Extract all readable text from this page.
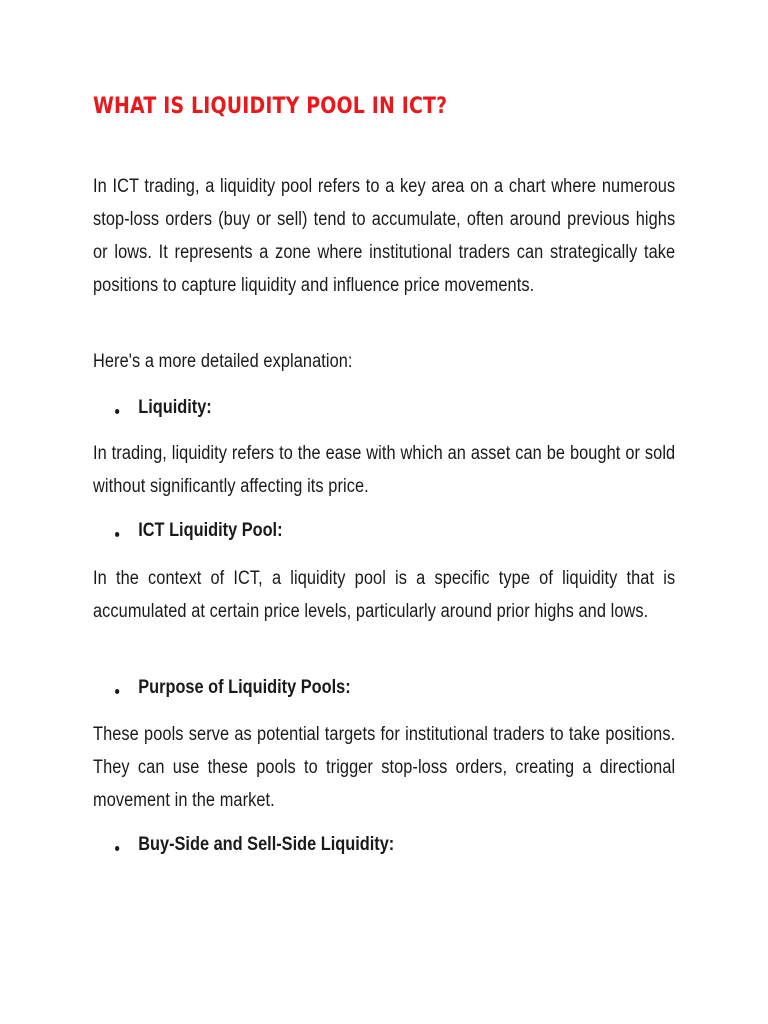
WHAT IS LIQUIDITY POOL IN ICT?

In ICT trading, a liquidity pool refers to a key area on a chart where numerous stop-loss orders (buy or sell) tend to accumulate, often around previous highs or lows. It represents a zone where institutional traders can strategically take positions to capture liquidity and influence price movements.

Here's a more detailed explanation:

Liquidity:

In trading, liquidity refers to the ease with which an asset can be bought or sold without significantly affecting its price.

ICT Liquidity Pool:

In the context of ICT, a liquidity pool is a specific type of liquidity that is accumulated at certain price levels, particularly around prior highs and lows.

Purpose of Liquidity Pools:

These pools serve as potential targets for institutional traders to take positions. They can use these pools to trigger stop-loss orders, creating a directional movement in the market.

Buy-Side and Sell-Side Liquidity:
